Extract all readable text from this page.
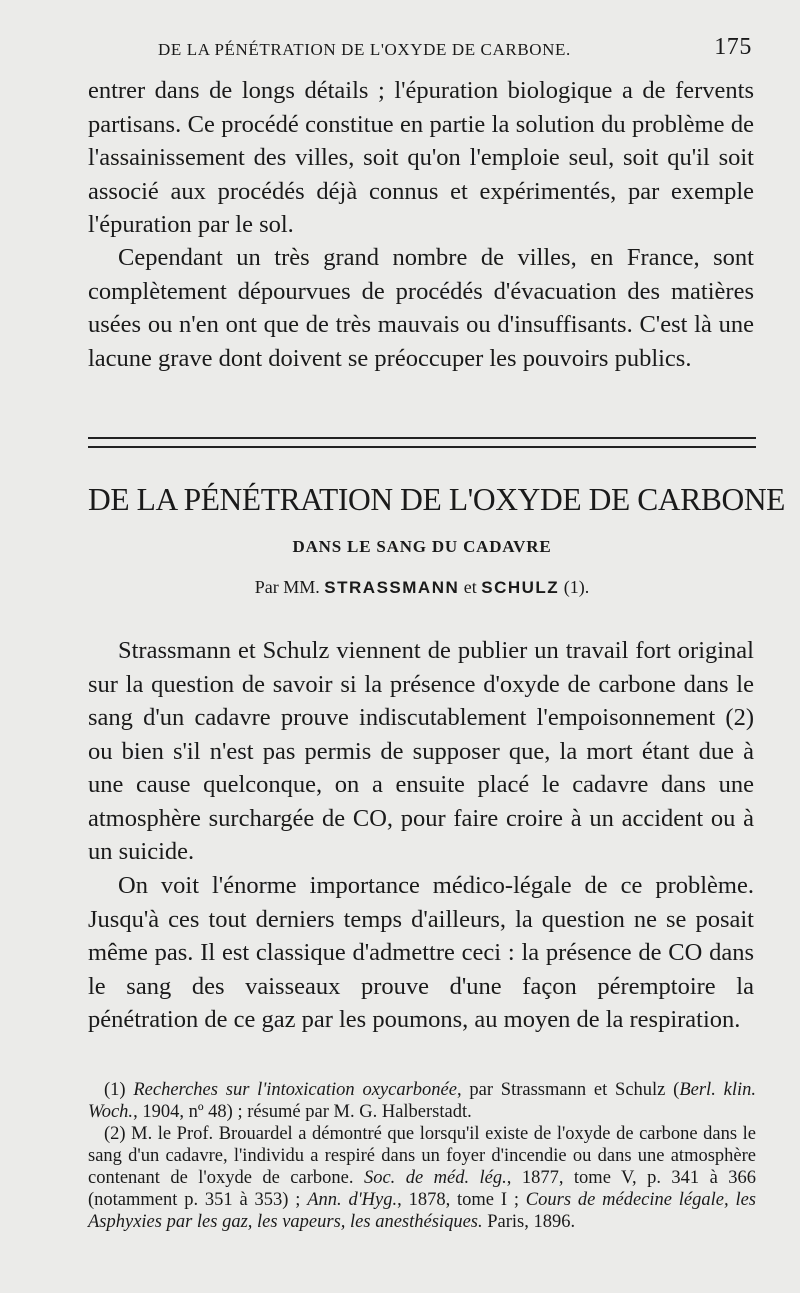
DE LA PÉNÉTRATION DE L'OXYDE DE CARBONE.	175

entrer dans de longs détails ; l'épuration biologique a de fervents partisans. Ce procédé constitue en partie la solution du problème de l'assainissement des villes, soit qu'on l'emploie seul, soit qu'il soit associé aux procédés déjà connus et expérimentés, par exemple l'épuration par le sol.

Cependant un très grand nombre de villes, en France, sont complètement dépourvues de procédés d'évacuation des matières usées ou n'en ont que de très mauvais ou d'insuffisants. C'est là une lacune grave dont doivent se préoccuper les pouvoirs publics.

DE LA PÉNÉTRATION DE L'OXYDE DE CARBONE
DANS LE SANG DU CADAVRE

Par MM. STRASSMANN et SCHULZ (1).

Strassmann et Schulz viennent de publier un travail fort original sur la question de savoir si la présence d'oxyde de carbone dans le sang d'un cadavre prouve indiscutablement l'empoisonnement (2) ou bien s'il n'est pas permis de supposer que, la mort étant due à une cause quelconque, on a ensuite placé le cadavre dans une atmosphère surchargée de CO, pour faire croire à un accident ou à un suicide.

On voit l'énorme importance médico-légale de ce problème. Jusqu'à ces tout derniers temps d'ailleurs, la question ne se posait même pas. Il est classique d'admettre ceci : la présence de CO dans le sang des vaisseaux prouve d'une façon péremptoire la pénétration de ce gaz par les poumons, au moyen de la respiration.

(1) Recherches sur l'intoxication oxycarbonée, par Strassmann et Schulz (Berl. klin. Woch., 1904, nº 48) ; résumé par M. G. Halberstadt.

(2) M. le Prof. Brouardel a démontré que lorsqu'il existe de l'oxyde de carbone dans le sang d'un cadavre, l'individu a respiré dans un foyer d'incendie ou dans une atmosphère contenant de l'oxyde de carbone. Soc. de méd. lég., 1877, tome V, p. 341 à 366 (notamment p. 351 à 353) ; Ann. d'Hyg., 1878, tome I ; Cours de médecine légale, les Asphyxies par les gaz, les vapeurs, les anesthésiques. Paris, 1896.
